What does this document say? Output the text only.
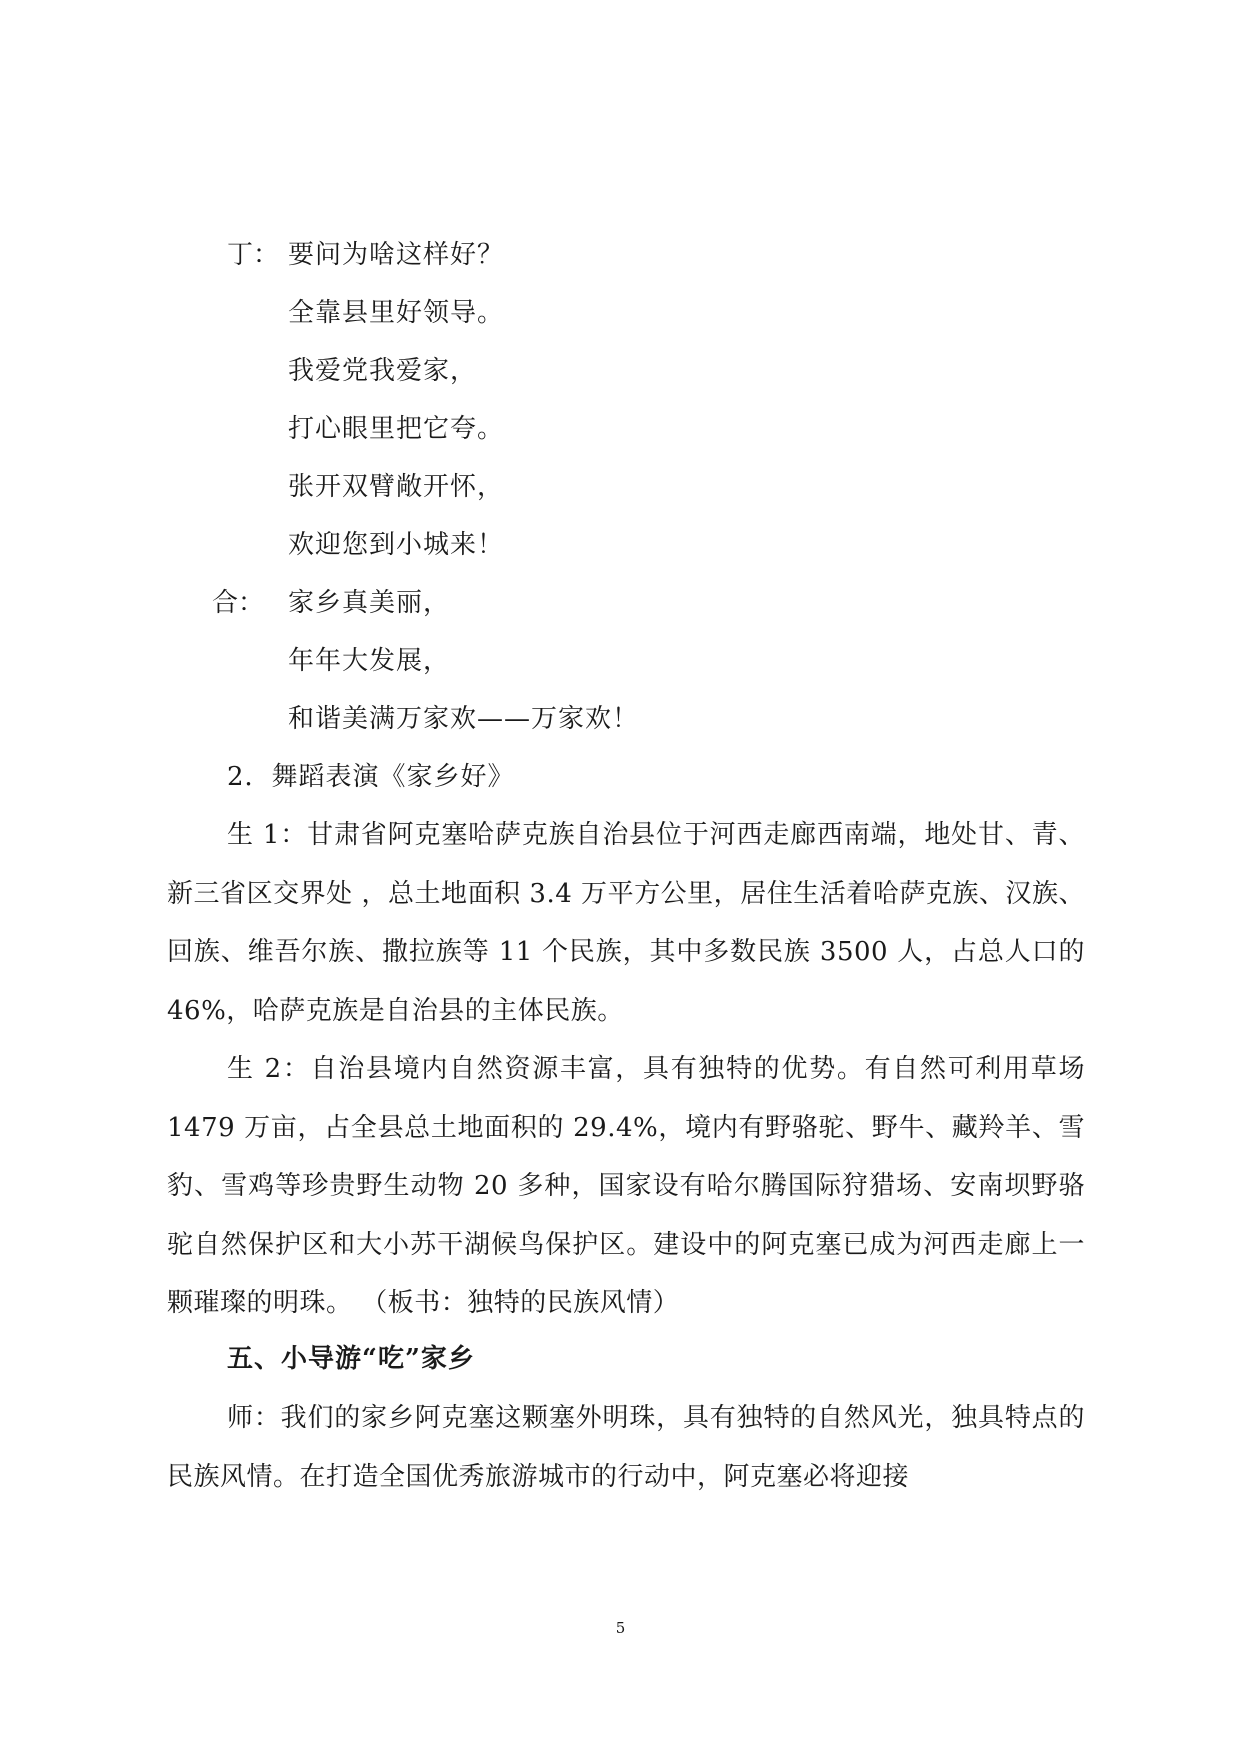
丁： 要问为啥这样好？
全靠县里好领导。
我爱党我爱家，
打心眼里把它夸。
张开双臂敞开怀，
欢迎您到小城来！
合： 家乡真美丽，
年年大发展，
和谐美满万家欢——万家欢！
2．舞蹈表演《家乡好》

生 1：甘肃省阿克塞哈萨克族自治县位于河西走廊西南端，地处甘、青、新三省区交界处 ，总土地面积 3.4 万平方公里，居住生活着哈萨克族、汉族、回族、维吾尔族、撒拉族等 11 个民族，其中多数民族 3500 人，占总人口的 46%，哈萨克族是自治县的主体民族。

生 2：自治县境内自然资源丰富，具有独特的优势。有自然可利用草场 1479 万亩，占全县总土地面积的 29.4%，境内有野骆驼、野牛、藏羚羊、雪豹、雪鸡等珍贵野生动物 20 多种，国家设有哈尔腾国际狩猎场、安南坝野骆驼自然保护区和大小苏干湖候鸟保护区。建设中的阿克塞已成为河西走廊上一颗璀璨的明珠。 （板书：独特的民族风情）

五、小导游“吃”家乡

师：我们的家乡阿克塞这颗塞外明珠，具有独特的自然风光，独具特点的民族风情。在打造全国优秀旅游城市的行动中，阿克塞必将迎接

5
